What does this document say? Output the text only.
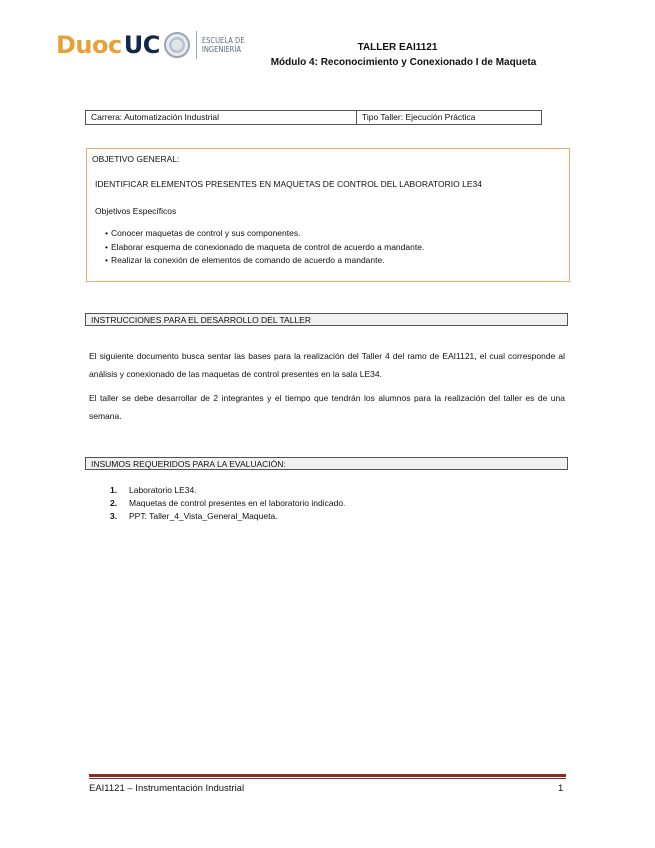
Duoc UC	ESCUELA DE
INGENIERÍA	TALLER EAI1121
Módulo 4: Reconocimiento y Conexionado I de Maqueta
Carrera: Automatización Industrial	Tipo Taller: Ejecución Práctica
OBJETIVO GENERAL:
IDENTIFICAR ELEMENTOS PRESENTES EN MAQUETAS DE CONTROL DEL LABORATORIO LE34
Objetivos Específicos
• Conocer maquetas de control y sus componentes.
• Elaborar esquema de conexionado de maqueta de control de acuerdo a mandante.
• Realizar la conexión de elementos de comando de acuerdo a mandante.
INSTRUCCIONES PARA EL DESARROLLO DEL TALLER
El siguiente documento busca sentar las bases para la realización del Taller 4 del ramo de EAI1121, el cual corresponde al análisis y conexionado de las maquetas de control presentes en la sala LE34.
El taller se debe desarrollar de 2 integrantes y el tiempo que tendrán los alumnos para la realización del taller es de una semana.
INSUMOS REQUERIDOS PARA LA EVALUACIÓN:
1.	Laboratorio LE34.
2.	Maquetas de control presentes en el laboratorio indicado.
3.	PPT: Taller_4_Vista_General_Maqueta.
EAI1121 – Instrumentación Industrial	1
